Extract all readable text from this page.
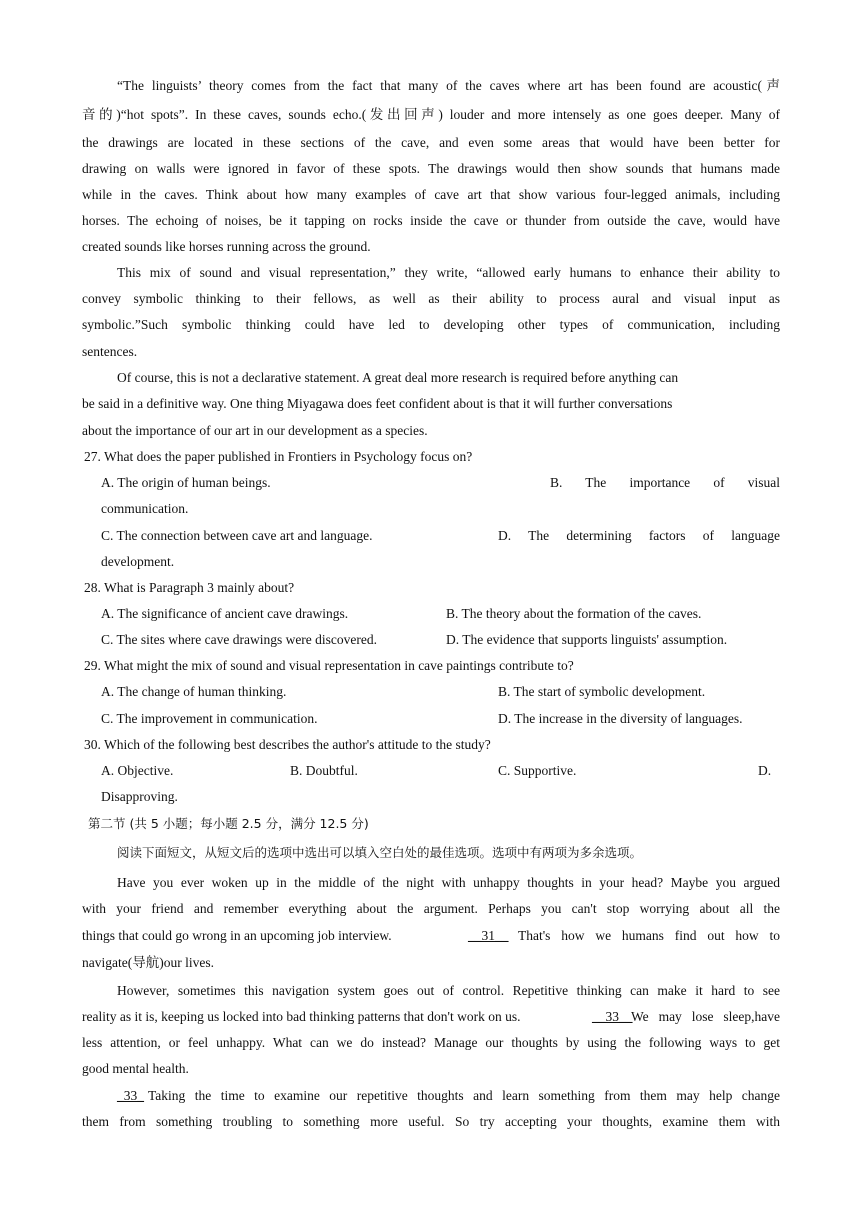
“The linguists’ theory comes from the fact that many of the caves where art has been found are acoustic(声
音的)“hot spots”. In these caves, sounds echo.(发出回声) louder and more intensely as one goes deeper. Many of
the drawings are located in these sections of the cave, and even some areas that would have been better for
drawing on walls were ignored in favor of these spots. The drawings would then show sounds that humans made
while in the caves. Think about how many examples of cave art that show various four-legged animals, including
horses. The echoing of noises, be it tapping on rocks inside the cave or thunder from outside the cave, would have
created sounds like horses running across the ground.
This mix of sound and visual representation,” they write, “allowed early humans to enhance their ability to
convey symbolic thinking to their fellows, as well as their ability to process aural and visual input as
symbolic.”Such symbolic thinking could have led to developing other types of communication, including
sentences.
Of course, this is not a declarative statement. A great deal more research is required before anything can
be said in a definitive way. One thing Miyagawa does feet confident about is that it will further conversations
about the importance of our art in our development as a species.
27. What does the paper published in Frontiers in Psychology focus on?
A. The origin of human beings.	B. The importance of visual
communication.
C. The connection between cave art and language.	D. The determining factors of language
development.
28. What is Paragraph 3 mainly about?
A. The significance of ancient cave drawings.	B. The theory about the formation of the caves.
C. The sites where cave drawings were discovered.	D. The evidence that supports linguists' assumption.
29. What might the mix of sound and visual representation in cave paintings contribute to?
A. The change of human thinking.	B. The start of symbolic development.
C. The improvement in communication.	D. The increase in the diversity of languages.
30. Which of the following best describes the author's attitude to the study?
A. Objective.	B. Doubtful.	C. Supportive.	D.
Disapproving.
第二节 (共 5 小题；每小题 2.5 分，满分 12.5 分)
阅读下面短文，从短文后的选项中选出可以填入空白处的最佳选项。选项中有两项为多余选项。
Have you ever woken up in the middle of the night with unhappy thoughts in your head? Maybe you argued
with your friend and remember everything about the argument. Perhaps you can't stop worrying about all the
things that could go wrong in an upcoming job interview.	__31__ That's how we humans find out how to
navigate(导航)our lives.
However, sometimes this navigation system goes out of control. Repetitive thinking can make it hard to see
reality as it is, keeping us locked into bad thinking patterns that don't work on us.	__33__
We may lose sleep,have
less attention, or feel unhappy. What can we do instead? Manage our thoughts by using the following ways to get
good mental health.
_33_ Taking the time to examine our repetitive thoughts and learn something from them may help change
them from something troubling to something more useful. So try accepting your thoughts, examine them with
